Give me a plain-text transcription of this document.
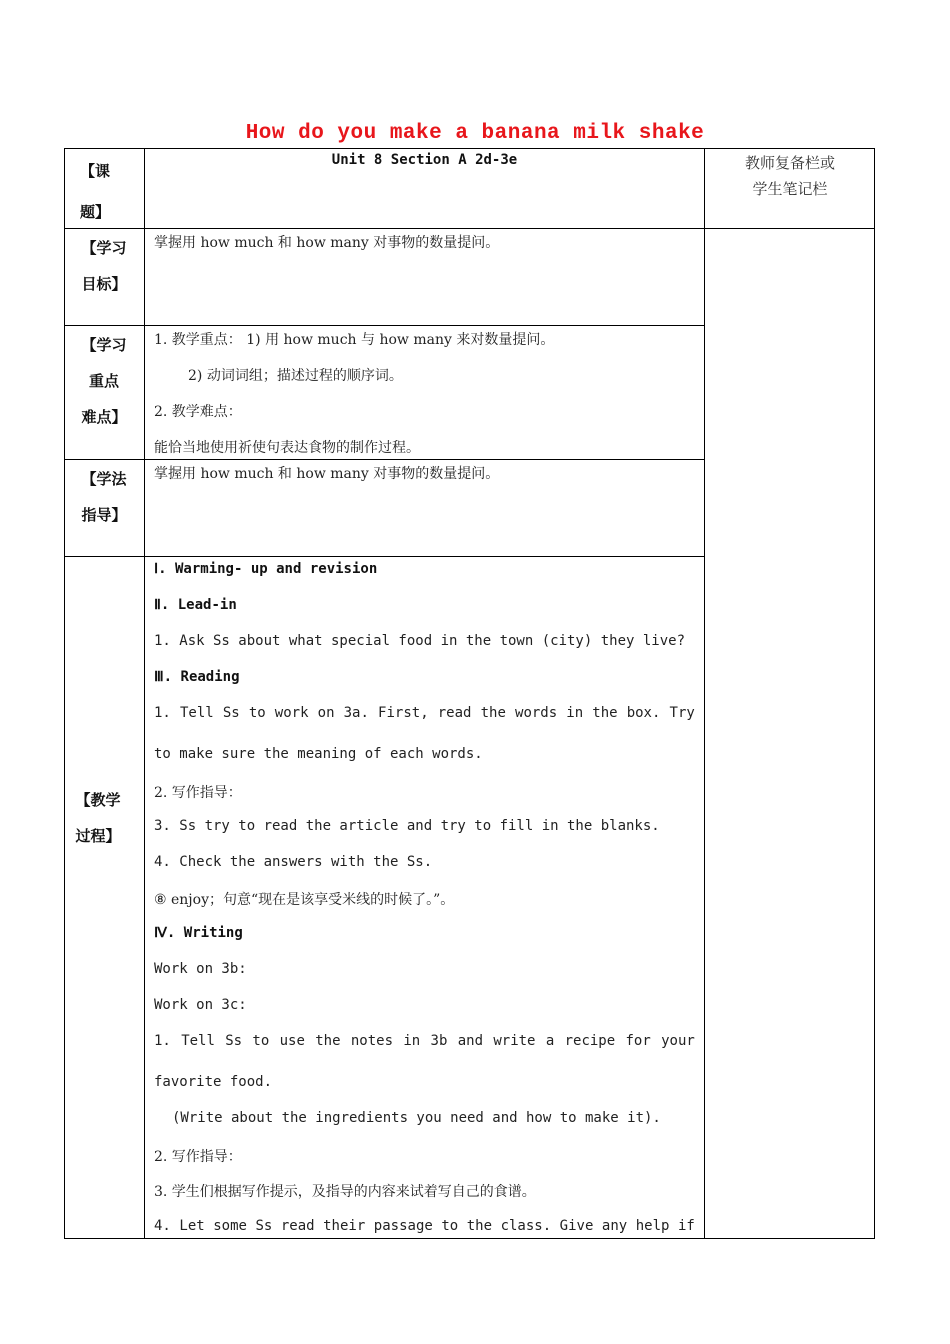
How do you make a banana milk shake
【课
题】
Unit 8 Section A 2d-3e	教师复备栏或
学生笔记栏
【学习
目标】
掌握用 how much 和 how many 对事物的数量提问。
【学习
重点
难点】
1. 教学重点： 1) 用 how much 与 how many 来对数量提问。
2) 动词词组；描述过程的顺序词。
2. 教学难点：
能恰当地使用祈使句表达食物的制作过程。
【学法
指导】
掌握用 how much 和 how many 对事物的数量提问。
【教学
过程】
Ⅰ. Warming- up and revision
Ⅱ. Lead-in
1. Ask Ss about what special food in the town (city) they live?
Ⅲ. Reading
1. Tell Ss to work on 3a. First, read the words in the box. Try
to make sure the meaning of each words.
2. 写作指导：
3. Ss try to read the article and try to fill in the blanks.
4. Check the answers with the Ss.
⑧ enjoy；句意“现在是该享受米线的时候了。”。
Ⅳ. Writing
Work on 3b:
Work on 3c:
1. Tell Ss to use the notes in 3b and write a recipe for your
favorite food.
(Write about the ingredients you need and how to make it).
2. 写作指导：
3. 学生们根据写作提示，及指导的内容来试着写自己的食谱。
4. Let some Ss read their passage to the class. Give any help if
